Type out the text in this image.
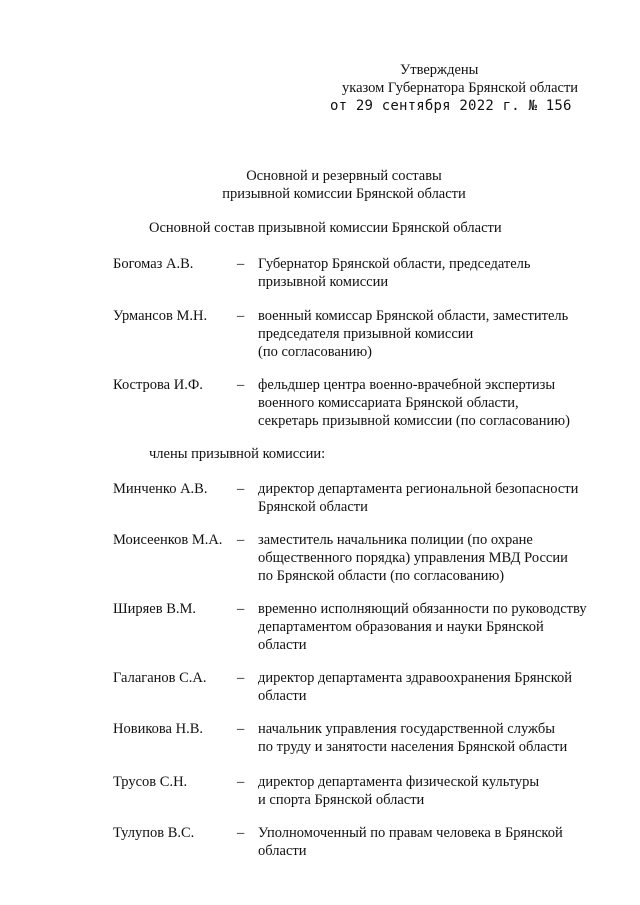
Утверждены
указом Губернатора Брянской области
от 29 сентября 2022 г. № 156
Основной и резервный составы
призывной комиссии Брянской области
Основной состав призывной комиссии Брянской области
Богомаз А.В.	– Губернатор Брянской области, председатель
призывной комиссии
Урмансов М.Н.	– военный комиссар Брянской области, заместитель
председателя призывной комиссии
(по согласованию)
Кострова И.Ф.	– фельдшер центра военно-врачебной экспертизы
военного комиссариата Брянской области,
секретарь призывной комиссии (по согласованию)
члены призывной комиссии:
Минченко А.В.	– директор департамента региональной безопасности
Брянской области
Моисеенков М.А.	– заместитель начальника полиции (по охране
общественного порядка) управления МВД России
по Брянской области (по согласованию)
Ширяев В.М.	– временно исполняющий обязанности по руководству
департаментом образования и науки Брянской
области
Галаганов С.А.	– директор департамента здравоохранения Брянской
области
Новикова Н.В.	– начальник управления государственной службы
по труду и занятости населения Брянской области
Трусов С.Н.	– директор департамента физической культуры
и спорта Брянской области
Тулупов В.С.	– Уполномоченный по правам человека в Брянской
области
